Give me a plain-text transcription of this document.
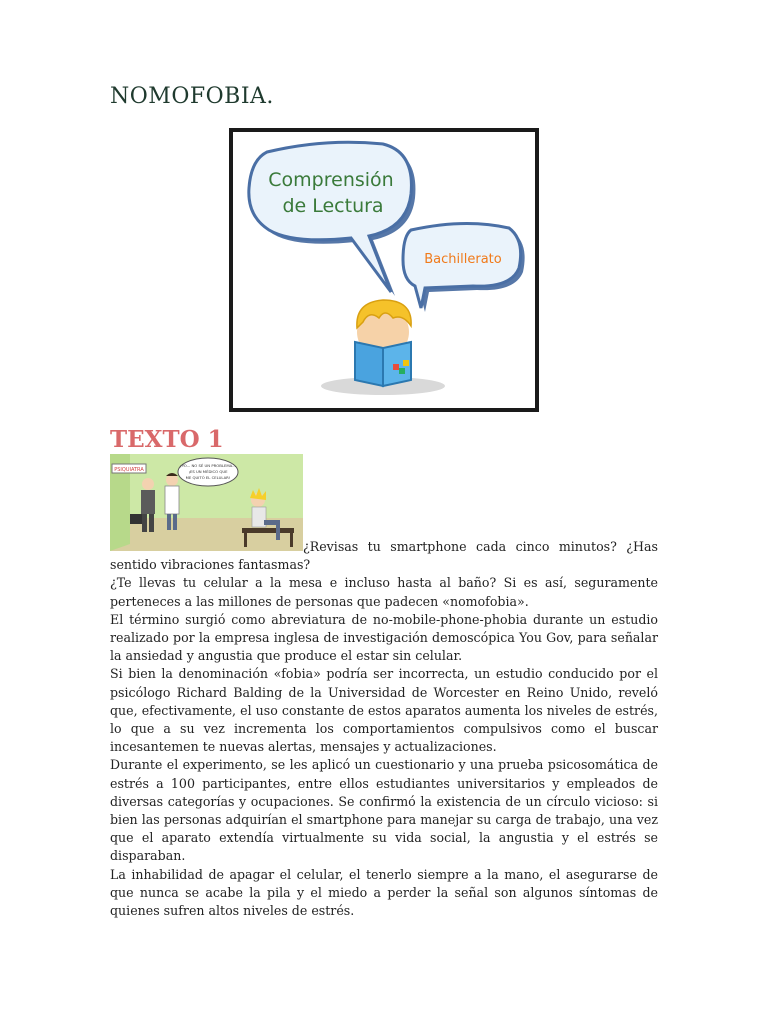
NOMOFOBIA.
Comprensión
de Lectura
Bachillerato
TEXTO 1
PSIQUIATRA
¡YO... NO SÉ UN PROBLEMA...
¡ES UN MÉDICO QUE
ME QUITÓ EL CELULAR!

¿Revisas tu smartphone cada cinco minutos? ¿Has sentido vibraciones fantasmas?

¿Te llevas tu celular a la mesa e incluso hasta al baño? Si es así, seguramente perteneces a las millones de personas que padecen «nomofobia».

El término surgió como abreviatura de no-mobile-phone-phobia durante un estudio realizado por la empresa inglesa de investigación demoscópica You Gov, para señalar la ansiedad y angustia que produce el estar sin celular.

Si bien la denominación «fobia» podría ser incorrecta, un estudio conducido por el psicólogo Richard Balding de la Universidad de Worcester en Reino Unido, reveló que, efectivamente, el uso constante de estos aparatos aumenta los niveles de estrés, lo que a su vez incrementa los comportamientos compulsivos como el buscar incesantemen te nuevas alertas, mensajes y actualizaciones.

Durante el experimento, se les aplicó un cuestionario y una prueba psicosomática de estrés a 100 participantes, entre ellos estudiantes universitarios y empleados de diversas categorías y ocupaciones. Se confirmó la existencia de un círculo vicioso: si bien las personas adquirían el smartphone para manejar su carga de trabajo, una vez que el aparato extendía virtualmente su vida social, la angustia y el estrés se disparaban.

La inhabilidad de apagar el celular, el tenerlo siempre a la mano, el asegurarse de que nunca se acabe la pila y el miedo a perder la señal son algunos síntomas de quienes sufren altos niveles de estrés.
